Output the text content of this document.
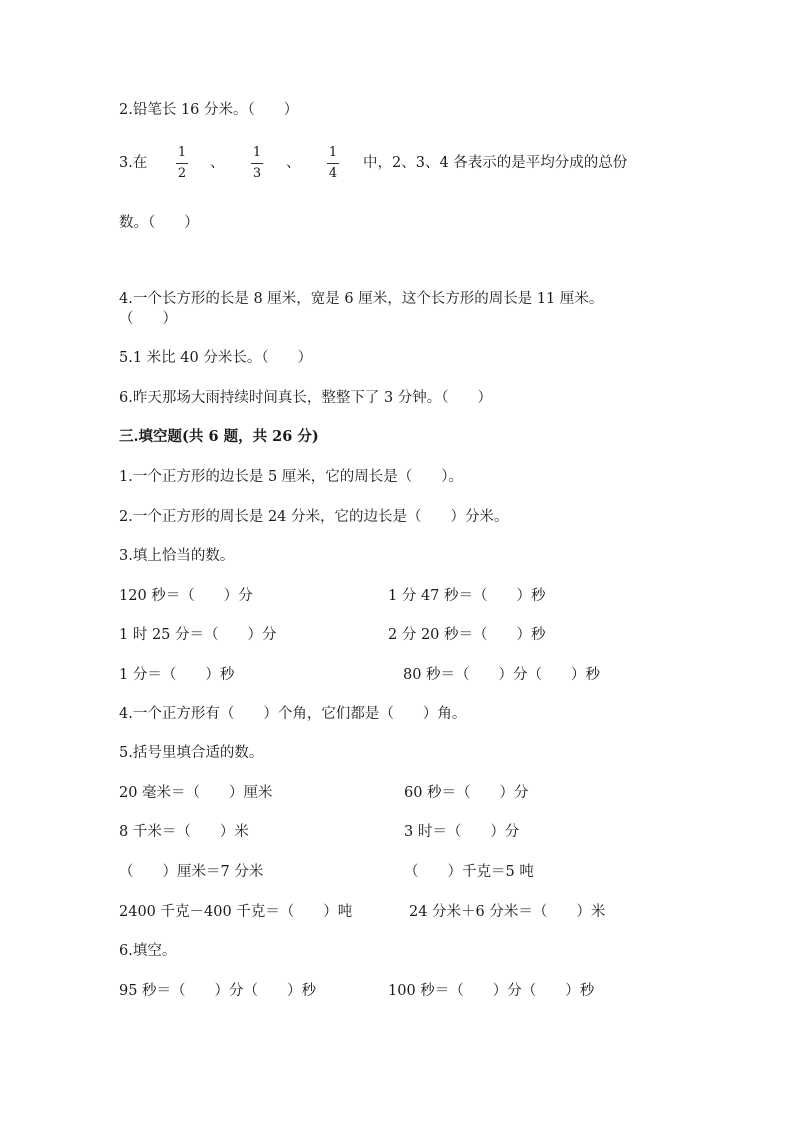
2.铅笔长 16 分米。（　　）
3.在
1
2
、
1
3
、
1
4
中，2、3、4 各表示的是平均分成的总份
数。（　　）
4.一个长方形的长是 8 厘米，宽是 6 厘米，这个长方形的周长是 11 厘米。
（　　）
5.1 米比 40 分米长。（　　）
6.昨天那场大雨持续时间真长，整整下了 3 分钟。（　　）
三.填空题(共 6 题，共 26 分)
1.一个正方形的边长是 5 厘米，它的周长是（　　）。
2.一个正方形的周长是 24 分米，它的边长是（　　）分米。
3.填上恰当的数。
120 秒＝（　　）分	1 分 47 秒＝（　　）秒
1 时 25 分＝（　　）分	2 分 20 秒＝（　　）秒
1 分＝（　　）秒	80 秒＝（　　）分（　　）秒
4.一个正方形有（　　）个角，它们都是（　　）角。
5.括号里填合适的数。
20 毫米＝（　　）厘米	60 秒＝（　　）分
8 千米＝（　　）米	3 时＝（　　）分
（　　）厘米＝7 分米	（　　）千克＝5 吨
2400 千克－400 千克＝（　　）吨	24 分米＋6 分米＝（　　）米
6.填空。
95 秒＝（　　）分（　　）秒	100 秒＝（　　）分（　　）秒
